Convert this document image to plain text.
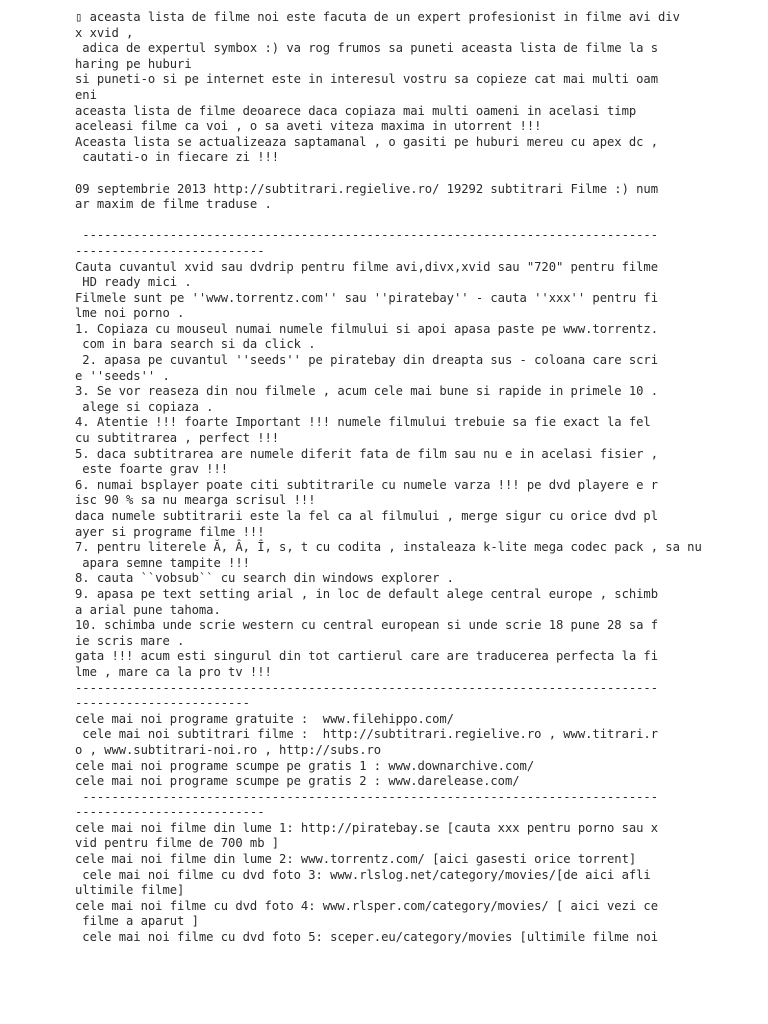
▯ aceasta lista de filme noi este facuta de un expert profesionist in filme avi div
x xvid ,
adica de expertul symbox :) va rog frumos sa puneti aceasta lista de filme la s
haring pe huburi
si puneti-o si pe internet este in interesul vostru sa copieze cat mai multi oam
eni
aceasta lista de filme deoarece daca copiaza mai multi oameni in acelasi timp
aceleasi filme ca voi , o sa aveti viteza maxima in utorrent !!!
Aceasta lista se actualizeaza saptamanal , o gasiti pe huburi mereu cu apex dc ,
cautati-o in fiecare zi !!!
09 septembrie 2013 http://subtitrari.regielive.ro/ 19292 subtitrari Filme :) num
ar maxim de filme traduse .
-------------------------------------------------------------------------------
--------------------------
Cauta cuvantul xvid sau dvdrip pentru filme avi,divx,xvid sau "720" pentru filme
HD ready mici .
Filmele sunt pe ''www.torrentz.com'' sau ''piratebay'' - cauta ''xxx'' pentru fi
lme noi porno .
1. Copiaza cu mouseul numai numele filmului si apoi apasa paste pe www.torrentz.
com in bara search si da click .
2. apasa pe cuvantul ''seeds'' pe piratebay din dreapta sus - coloana care scri
e ''seeds'' .
3. Se vor reaseza din nou filmele , acum cele mai bune si rapide in primele 10 .
alege si copiaza .
4. Atentie !!! foarte Important !!! numele filmului trebuie sa fie exact la fel
cu subtitrarea , perfect !!!
5. daca subtitrarea are numele diferit fata de film sau nu e in acelasi fisier ,
este foarte grav !!!
6. numai bsplayer poate citi subtitrarile cu numele varza !!! pe dvd playere e r
isc 90 % sa nu mearga scrisul !!!
daca numele subtitrarii este la fel ca al filmului , merge sigur cu orice dvd pl
ayer si programe filme !!!
7. pentru literele Ă, Â, Î, s, t cu codita , instaleaza k-lite mega codec pack , sa nu
apara semne tampite !!!
8. cauta ``vobsub`` cu search din windows explorer .
9. apasa pe text setting arial , in loc de default alege central europe , schimb
a arial pune tahoma.
10. schimba unde scrie western cu central european si unde scrie 18 pune 28 sa f
ie scris mare .
gata !!! acum esti singurul din tot cartierul care are traducerea perfecta la fi
lme , mare ca la pro tv !!!
--------------------------------------------------------------------------------
------------------------
cele mai noi programe gratuite :  www.filehippo.com/
cele mai noi subtitrari filme :  http://subtitrari.regielive.ro , www.titrari.r
o , www.subtitrari-noi.ro , http://subs.ro
cele mai noi programe scumpe pe gratis 1 : www.downarchive.com/
cele mai noi programe scumpe pe gratis 2 : www.darelease.com/
-------------------------------------------------------------------------------
--------------------------
cele mai noi filme din lume 1: http://piratebay.se [cauta xxx pentru porno sau x
vid pentru filme de 700 mb ]
cele mai noi filme din lume 2: www.torrentz.com/ [aici gasesti orice torrent]
cele mai noi filme cu dvd foto 3: www.rlslog.net/category/movies/[de aici afli
ultimile filme]
cele mai noi filme cu dvd foto 4: www.rlsper.com/category/movies/ [ aici vezi ce
filme a aparut ]
cele mai noi filme cu dvd foto 5: sceper.eu/category/movies [ultimile filme noi
